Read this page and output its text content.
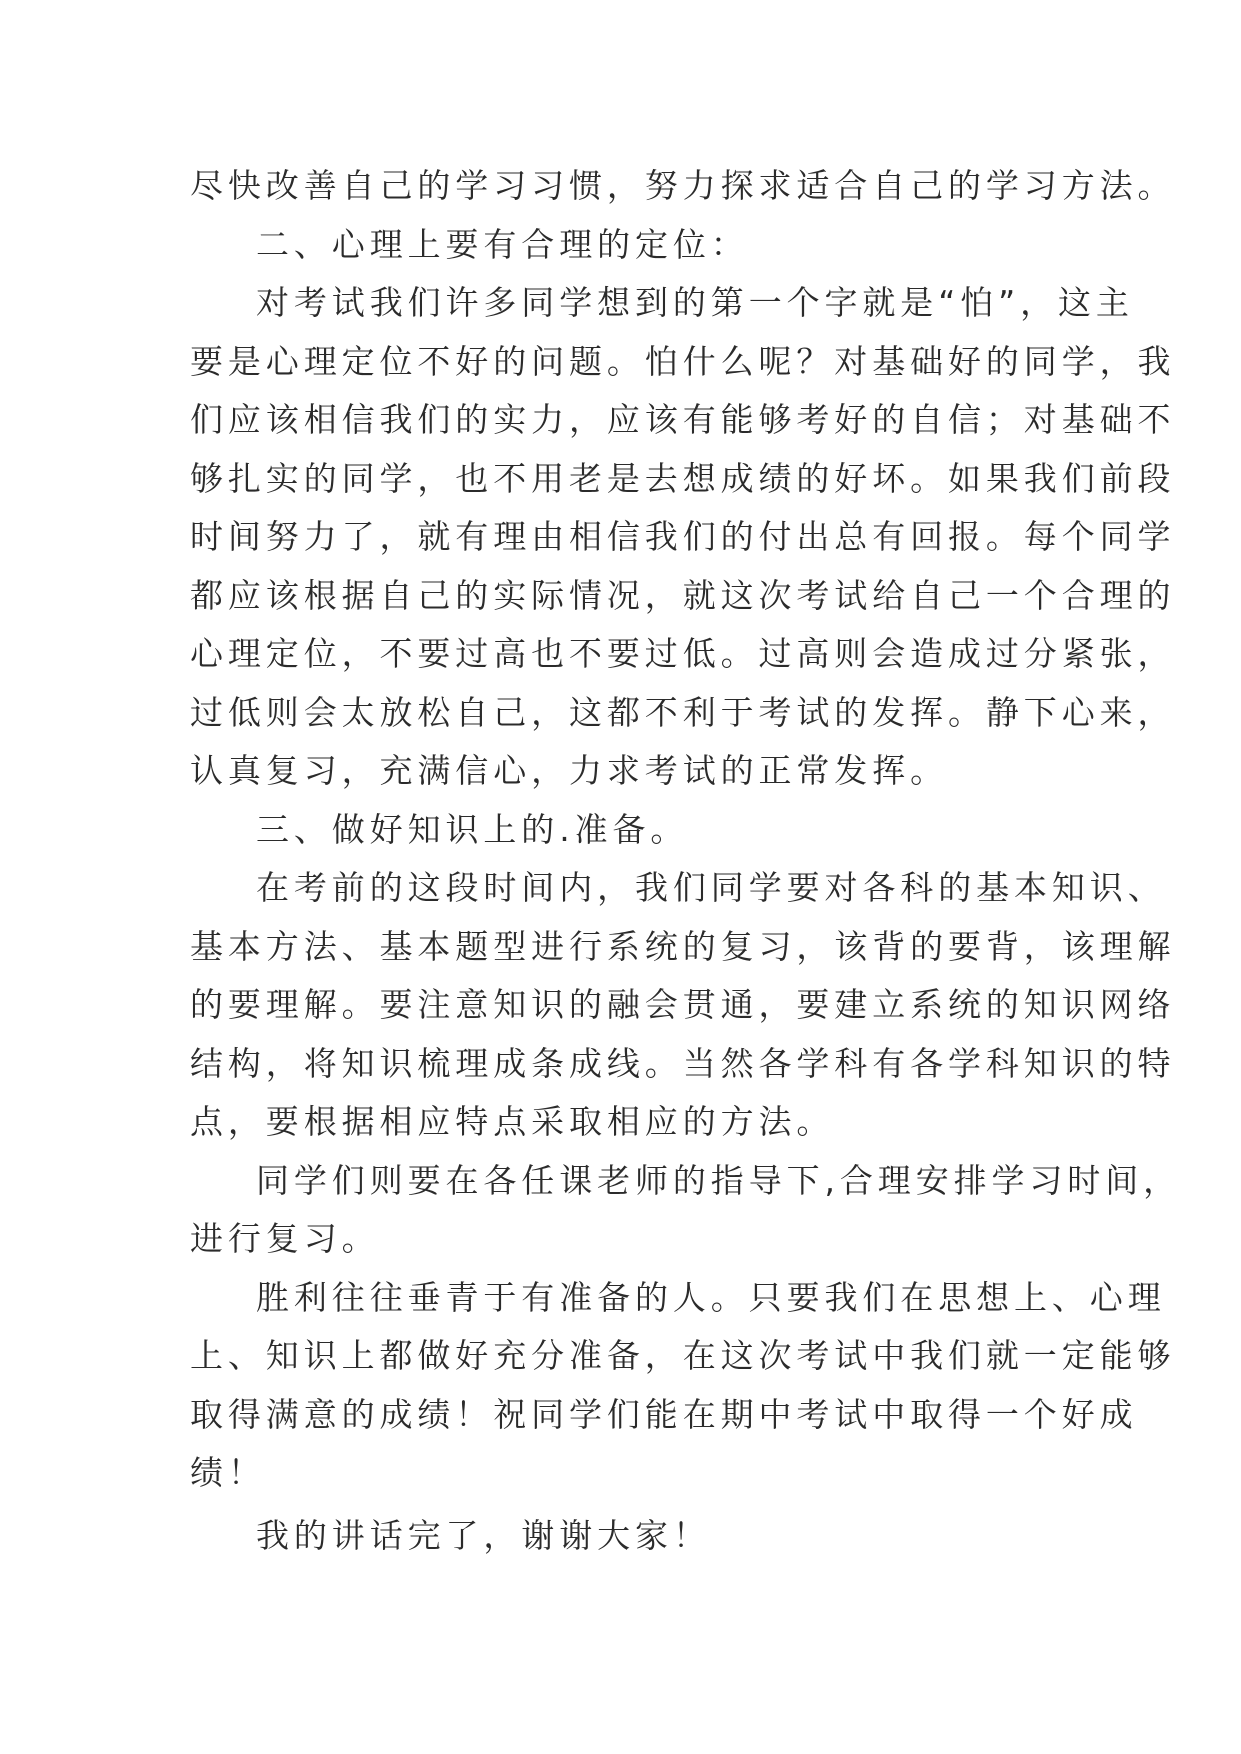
尽快改善自己的学习习惯，努力探求适合自己的学习方法。
二、心理上要有合理的定位：
对考试我们许多同学想到的第一个字就是“怕”，这主
要是心理定位不好的问题。怕什么呢？对基础好的同学，我
们应该相信我们的实力，应该有能够考好的自信；对基础不
够扎实的同学，也不用老是去想成绩的好坏。如果我们前段
时间努力了，就有理由相信我们的付出总有回报。每个同学
都应该根据自己的实际情况，就这次考试给自己一个合理的
心理定位，不要过高也不要过低。过高则会造成过分紧张，
过低则会太放松自己，这都不利于考试的发挥。静下心来，
认真复习，充满信心，力求考试的正常发挥。
三、做好知识上的.准备。
在考前的这段时间内，我们同学要对各科的基本知识、
基本方法、基本题型进行系统的复习，该背的要背，该理解
的要理解。要注意知识的融会贯通，要建立系统的知识网络
结构，将知识梳理成条成线。当然各学科有各学科知识的特
点，要根据相应特点采取相应的方法。
同学们则要在各任课老师的指导下,合理安排学习时间，
进行复习。
胜利往往垂青于有准备的人。只要我们在思想上、心理
上、知识上都做好充分准备，在这次考试中我们就一定能够
取得满意的成绩！祝同学们能在期中考试中取得一个好成
绩！
我的讲话完了，谢谢大家！
